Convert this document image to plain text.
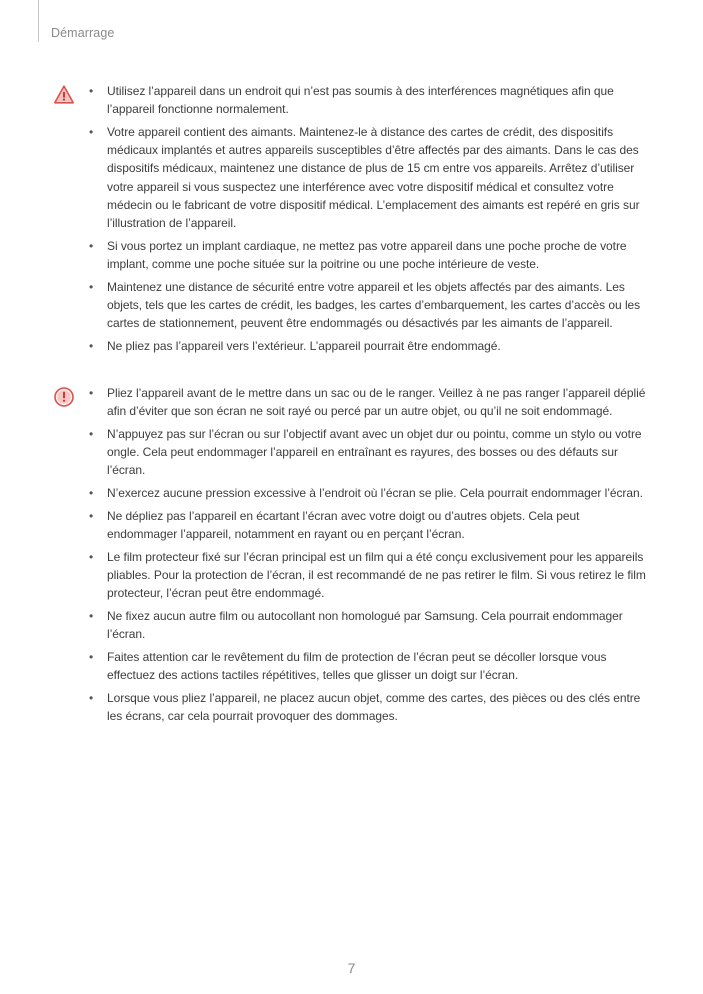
Démarrage
• Utilisez l’appareil dans un endroit qui n’est pas soumis à des interférences magnétiques afin que l’appareil fonctionne normalement.
• Votre appareil contient des aimants. Maintenez-le à distance des cartes de crédit, des dispositifs médicaux implantés et autres appareils susceptibles d’être affectés par des aimants. Dans le cas des dispositifs médicaux, maintenez une distance de plus de 15 cm entre vos appareils. Arrêtez d’utiliser votre appareil si vous suspectez une interférence avec votre dispositif médical et consultez votre médecin ou le fabricant de votre dispositif médical. L’emplacement des aimants est repéré en gris sur l’illustration de l’appareil.
• Si vous portez un implant cardiaque, ne mettez pas votre appareil dans une poche proche de votre implant, comme une poche située sur la poitrine ou une poche intérieure de veste.
• Maintenez une distance de sécurité entre votre appareil et les objets affectés par des aimants. Les objets, tels que les cartes de crédit, les badges, les cartes d’embarquement, les cartes d’accès ou les cartes de stationnement, peuvent être endommagés ou désactivés par les aimants de l’appareil.
• Ne pliez pas l’appareil vers l’extérieur. L’appareil pourrait être endommagé.
• Pliez l’appareil avant de le mettre dans un sac ou de le ranger. Veillez à ne pas ranger l’appareil déplié afin d’éviter que son écran ne soit rayé ou percé par un autre objet, ou qu’il ne soit endommagé.
• N’appuyez pas sur l’écran ou sur l’objectif avant avec un objet dur ou pointu, comme un stylo ou votre ongle. Cela peut endommager l’appareil en entraînant es rayures, des bosses ou des défauts sur l’écran.
• N’exercez aucune pression excessive à l’endroit où l’écran se plie. Cela pourrait endommager l’écran.
• Ne dépliez pas l’appareil en écartant l’écran avec votre doigt ou d’autres objets. Cela peut endommager l’appareil, notamment en rayant ou en perçant l’écran.
• Le film protecteur fixé sur l’écran principal est un film qui a été conçu exclusivement pour les appareils pliables. Pour la protection de l’écran, il est recommandé de ne pas retirer le film. Si vous retirez le film protecteur, l’écran peut être endommagé.
• Ne fixez aucun autre film ou autocollant non homologué par Samsung. Cela pourrait endommager l’écran.
• Faites attention car le revêtement du film de protection de l’écran peut se décoller lorsque vous effectuez des actions tactiles répétitives, telles que glisser un doigt sur l’écran.
• Lorsque vous pliez l’appareil, ne placez aucun objet, comme des cartes, des pièces ou des clés entre les écrans, car cela pourrait provoquer des dommages.
7
